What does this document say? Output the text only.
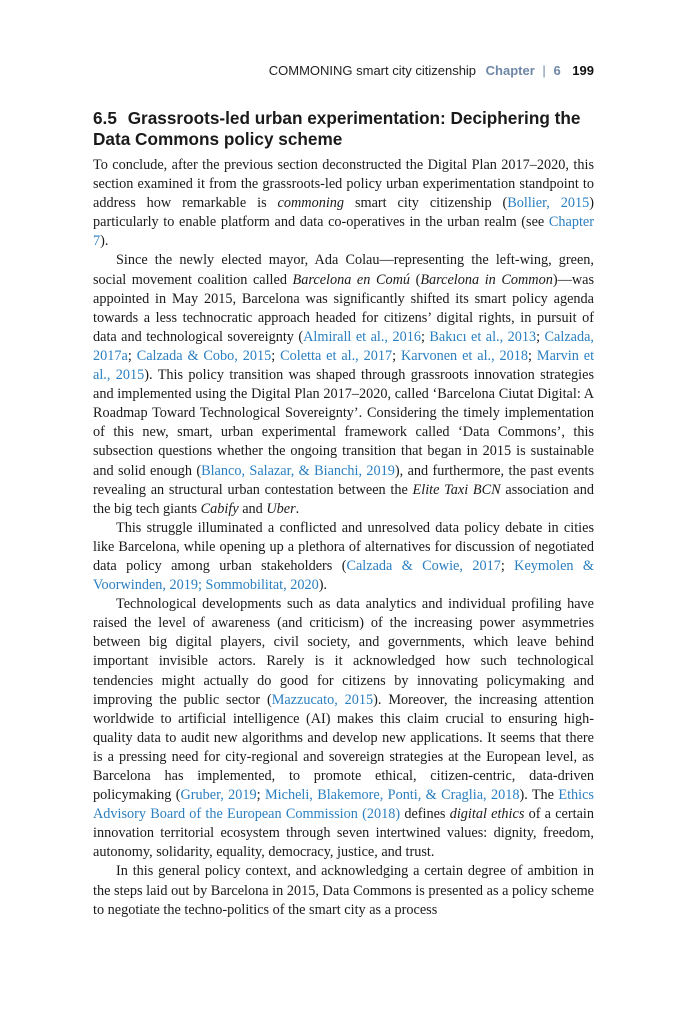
COMMONING smart city citizenship Chapter | 6 199
6.5 Grassroots-led urban experimentation: Deciphering the Data Commons policy scheme

To conclude, after the previous section deconstructed the Digital Plan 2017–2020, this section examined it from the grassroots-led policy urban experimentation standpoint to address how remarkable is commoning smart city citizenship (Bollier, 2015) particularly to enable platform and data co-operatives in the urban realm (see Chapter 7).

Since the newly elected mayor, Ada Colau—representing the left-wing, green, social movement coalition called Barcelona en Comú (Barcelona in Common)—was appointed in May 2015, Barcelona was significantly shifted its smart policy agenda towards a less technocratic approach headed for citizens’ digital rights, in pursuit of data and technological sovereignty (Almirall et al., 2016; Bakıcı et al., 2013; Calzada, 2017a; Calzada & Cobo, 2015; Coletta et al., 2017; Karvonen et al., 2018; Marvin et al., 2015). This policy transition was shaped through grassroots innovation strategies and implemented using the Digital Plan 2017–2020, called ‘Barcelona Ciutat Digital: A Roadmap Toward Technological Sovereignty’. Considering the timely implementation of this new, smart, urban experimental framework called ‘Data Commons’, this subsection questions whether the ongoing transition that began in 2015 is sustainable and solid enough (Blanco, Salazar, & Bianchi, 2019), and furthermore, the past events revealing an structural urban contestation between the Elite Taxi BCN association and the big tech giants Cabify and Uber.

This struggle illuminated a conflicted and unresolved data policy debate in cities like Barcelona, while opening up a plethora of alternatives for discussion of negotiated data policy among urban stakeholders (Calzada & Cowie, 2017; Keymolen & Voorwinden, 2019; Sommobilitat, 2020).

Technological developments such as data analytics and individual profiling have raised the level of awareness (and criticism) of the increasing power asymmetries between big digital players, civil society, and governments, which leave behind important invisible actors. Rarely is it acknowledged how such technological tendencies might actually do good for citizens by innovating policymaking and improving the public sector (Mazzucato, 2015). Moreover, the increasing attention worldwide to artificial intelligence (AI) makes this claim crucial to ensuring high-quality data to audit new algorithms and develop new applications. It seems that there is a pressing need for city-regional and sovereign strategies at the European level, as Barcelona has implemented, to promote ethical, citizen-centric, data-driven policymaking (Gruber, 2019; Micheli, Blakemore, Ponti, & Craglia, 2018). The Ethics Advisory Board of the European Commission (2018) defines digital ethics of a certain innovation territorial ecosystem through seven intertwined values: dignity, freedom, autonomy, solidarity, equality, democracy, justice, and trust.

In this general policy context, and acknowledging a certain degree of ambition in the steps laid out by Barcelona in 2015, Data Commons is presented as a policy scheme to negotiate the techno-politics of the smart city as a process
